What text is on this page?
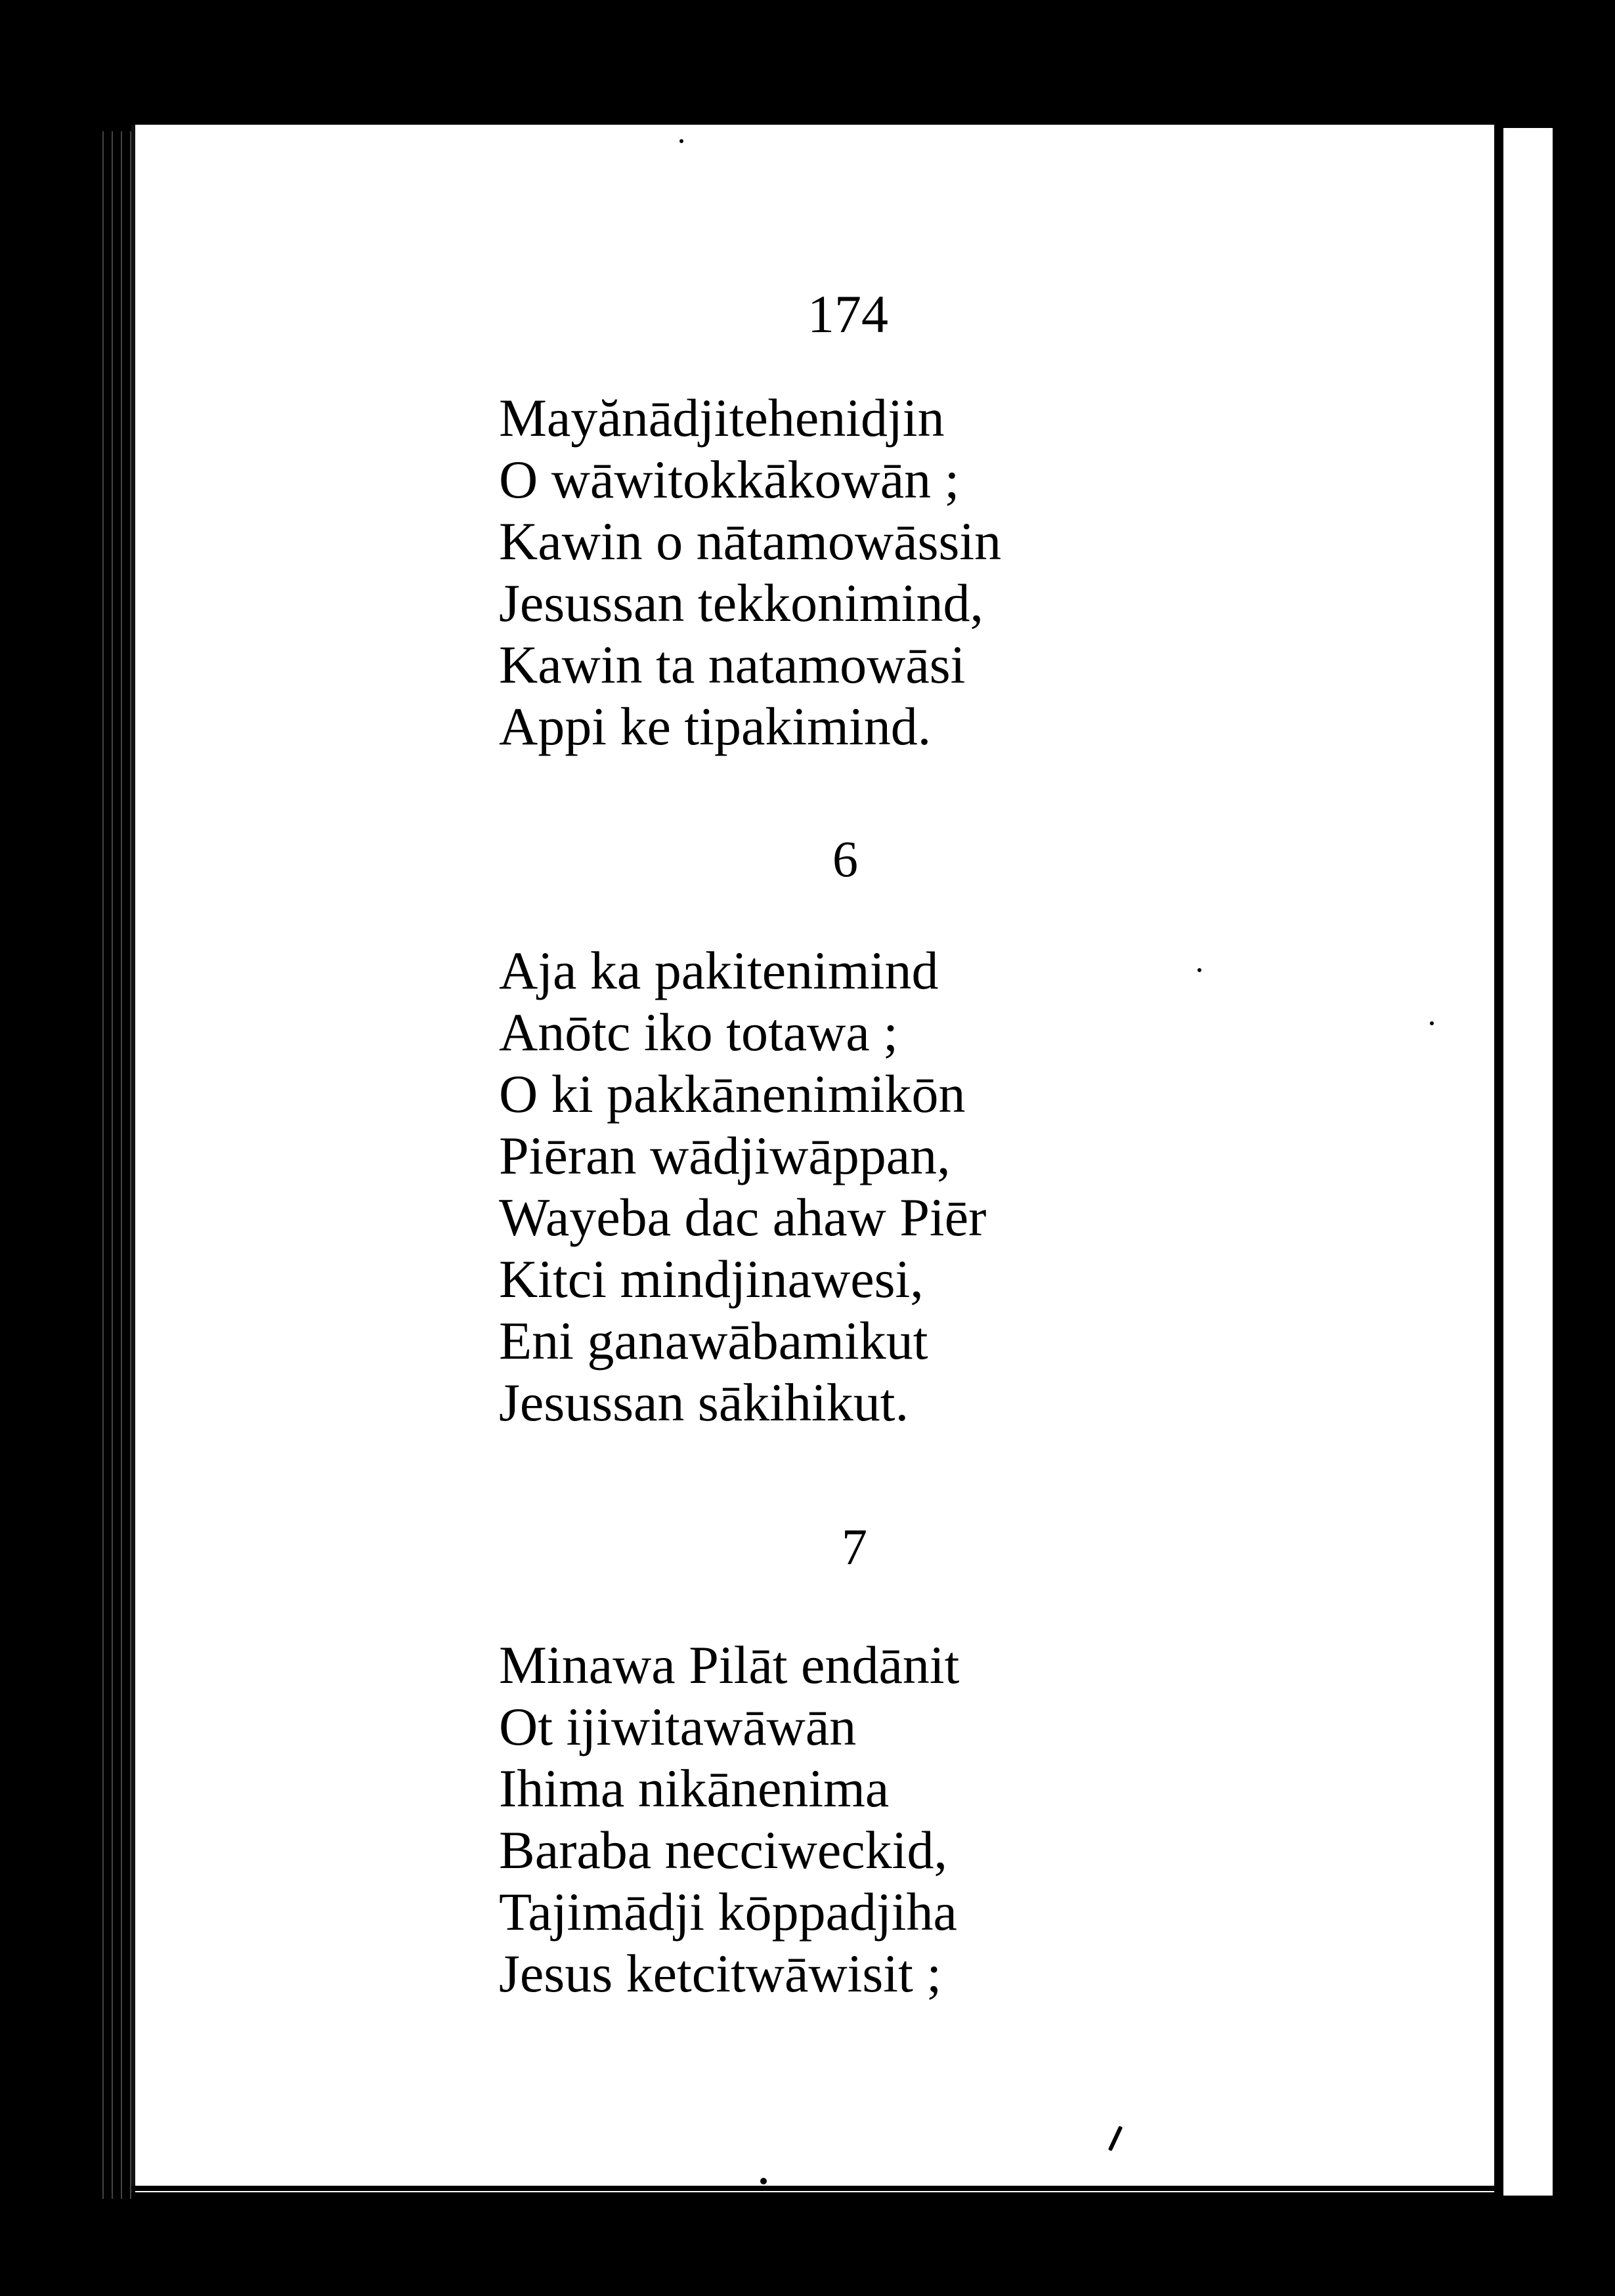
174
Mayănādjitehenidjin
O wāwitokkākowān ;
Kawin o nātamowāssin
Jesussan tekkonimind,
Kawin ta natamowāsi
Appi ke tipakimind.
6
Aja ka pakitenimind
Anōtc iko totawa ;
O ki pakkānenimikōn
Piēran wādjiwāppan,
Wayeba dac ahaw Piēr
Kitci mindjinawesi,
Eni ganawābamikut
Jesussan sākihikut.
7
Minawa Pilāt endānit
Ot ijiwitawāwān
Ihima nikānenima
Baraba necciweckid,
Tajimādji kōppadjiha
Jesus ketcitwāwisit ;
